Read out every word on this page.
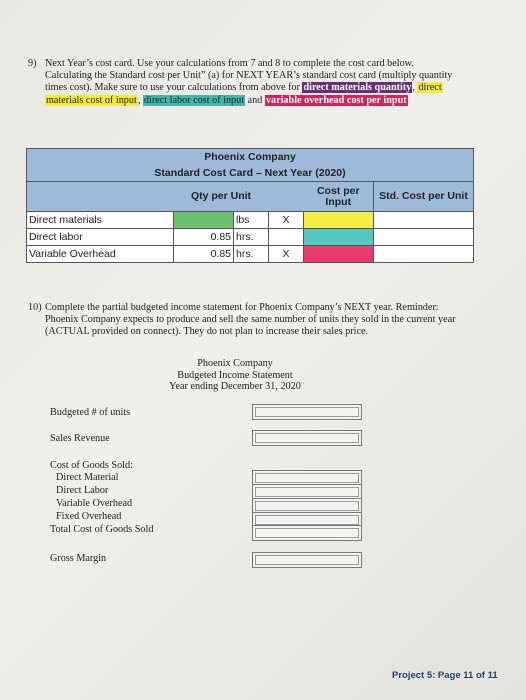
9) Next Year’s cost card. Use your calculations from 7 and 8 to complete the cost card below.
Calculating the Standard cost per Unit” (a) for NEXT YEAR’s standard cost card (multiply quantity
times cost). Make sure to use your calculations from above for direct materials quantity, direct
materials cost of input, direct labor cost of input and variable overhead cost per input
Phoenix Company					
Standard Cost Card – Next Year (2020)					
	Qty per Unit			Cost per Input	Std. Cost per Unit
Direct materials		lbs	X		
Direct labor	0.85	hrs.			
Variable Overhead	0.85	hrs.	X		
10) Complete the partial budgeted income statement for Phoenix Company’s NEXT year. Reminder:
Phoenix Company expects to produce and sell the same number of units they sold in the current year
(ACTUAL provided on connect). They do not plan to increase their sales price.
Phoenix Company
Budgeted Income Statement
Year ending December 31, 2020
Budgeted # of units
Sales Revenue
Cost of Goods Sold:
Direct Material
Direct Labor
Variable Overhead
Fixed Overhead
Total Cost of Goods Sold
Gross Margin
Project 5: Page 11 of 11
